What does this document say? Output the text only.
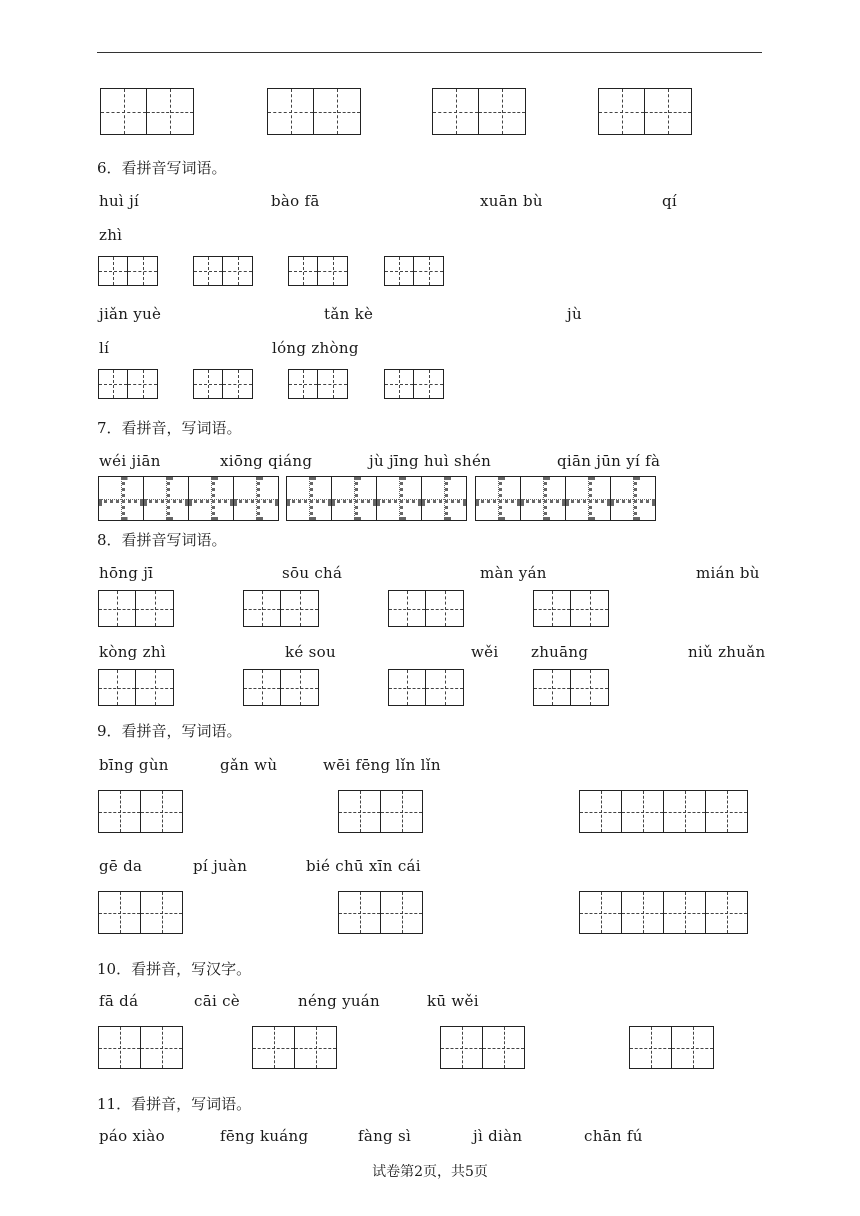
6．看拼音写词语。
huì jí	bào fā	xuān bù	qí
zhì
jiǎn yuè	tǎn kè	jù
lí	lóng zhòng
7．看拼音，写词语。
wéi jiān	xiōng qiáng	jù jīng huì shén	qiān jūn yí fà
8．看拼音写词语。
hōng jī	sōu chá	màn yán	mián bù
kòng zhì	ké sou	wěi zhuāng	niǔ zhuǎn
9．看拼音，写词语。
bīng gùn	gǎn wù	wēi fēng lǐn lǐn
gē da	pí juàn	bié chū xīn cái
10．看拼音，写汉字。
fā dá	cāi cè	néng yuán	kū wěi
11．看拼音，写词语。
páo xiào	fēng kuáng	fàng sì	jì diàn	chān fú
试卷第2页，共5页
